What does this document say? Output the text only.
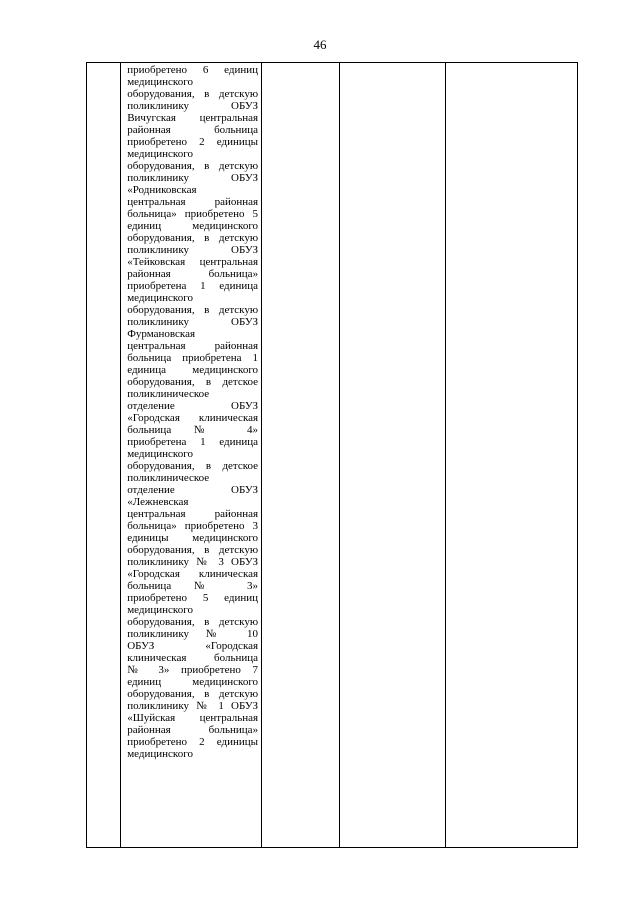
46

приобретено 6 единиц
медицинского
оборудования, в детскую
поликлинику ОБУЗ
Вичугская центральная
районная больница
приобретено 2 единицы
медицинского
оборудования, в детскую
поликлинику ОБУЗ
«Родниковская
центральная районная
больница» приобретено 5
единиц медицинского
оборудования, в детскую
поликлинику ОБУЗ
«Тейковская центральная
районная больница»
приобретена 1 единица
медицинского
оборудования, в детскую
поликлинику ОБУЗ
Фурмановская
центральная районная
больница приобретена 1
единица медицинского
оборудования, в детское
поликлиническое
отделение ОБУЗ
«Городская клиническая
больница № 4»
приобретена 1 единица
медицинского
оборудования, в детское
поликлиническое
отделение ОБУЗ
«Лежневская
центральная районная
больница» приобретено 3
единицы медицинского
оборудования, в детскую
поликлинику № 3 ОБУЗ
«Городская клиническая
больница № 3»
приобретено 5 единиц
медицинского
оборудования, в детскую
поликлинику № 10
ОБУЗ «Городская
клиническая больница
№ 3» приобретено 7
единиц медицинского
оборудования, в детскую
поликлинику № 1 ОБУЗ
«Шуйская центральная
районная больница»
приобретено 2 единицы
медицинского
